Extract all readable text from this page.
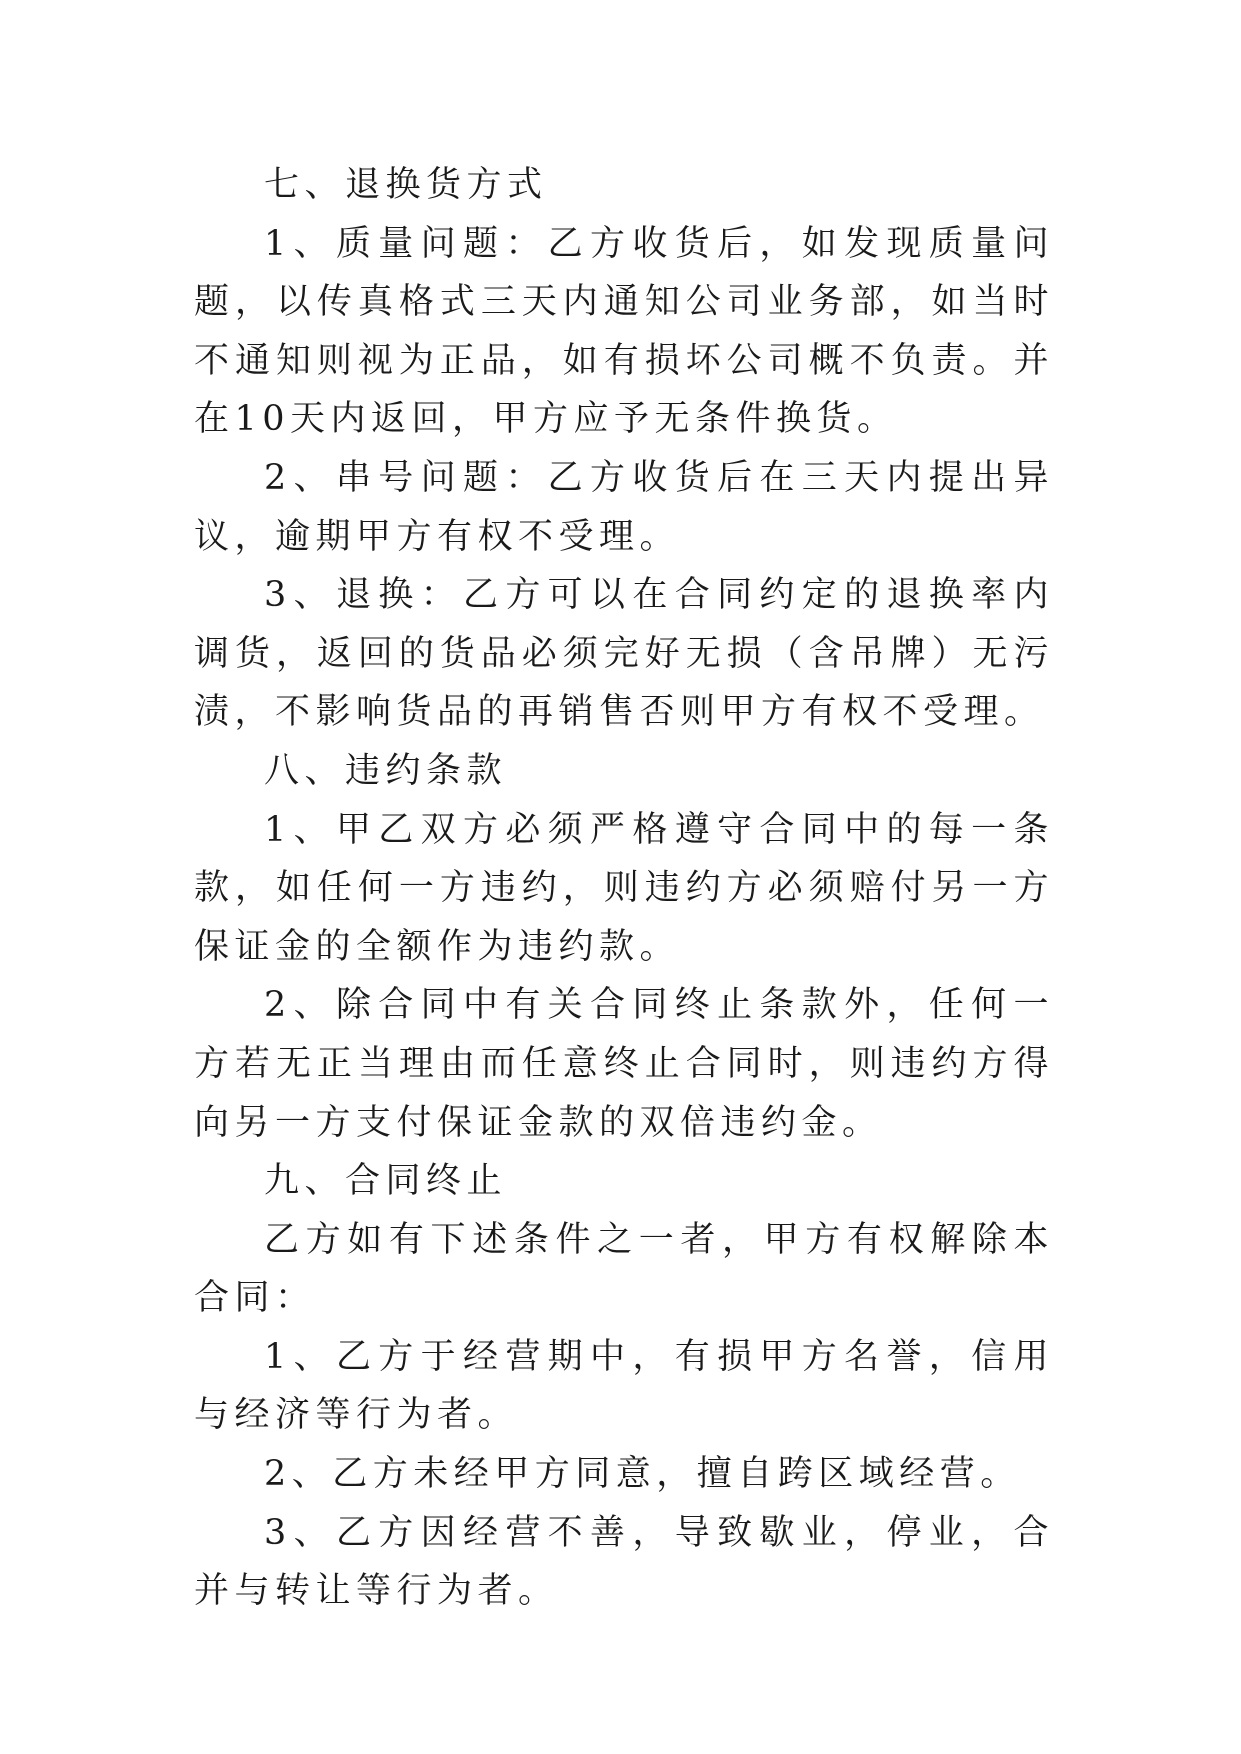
七、退换货方式

1、质量问题：乙方收货后，如发现质量问题，以传真格式三天内通知公司业务部，如当时不通知则视为正品，如有损坏公司概不负责。并在10天内返回，甲方应予无条件换货。

2、串号问题：乙方收货后在三天内提出异议，逾期甲方有权不受理。

3、退换：乙方可以在合同约定的退换率内调货，返回的货品必须完好无损（含吊牌）无污渍，不影响货品的再销售否则甲方有权不受理。

八、违约条款

1、甲乙双方必须严格遵守合同中的每一条款，如任何一方违约，则违约方必须赔付另一方保证金的全额作为违约款。

2、除合同中有关合同终止条款外，任何一方若无正当理由而任意终止合同时，则违约方得向另一方支付保证金款的双倍违约金。

九、合同终止

乙方如有下述条件之一者，甲方有权解除本合同：

1、乙方于经营期中，有损甲方名誉，信用与经济等行为者。

2、乙方未经甲方同意，擅自跨区域经营。

3、乙方因经营不善，导致歇业，停业，合并与转让等行为者。
